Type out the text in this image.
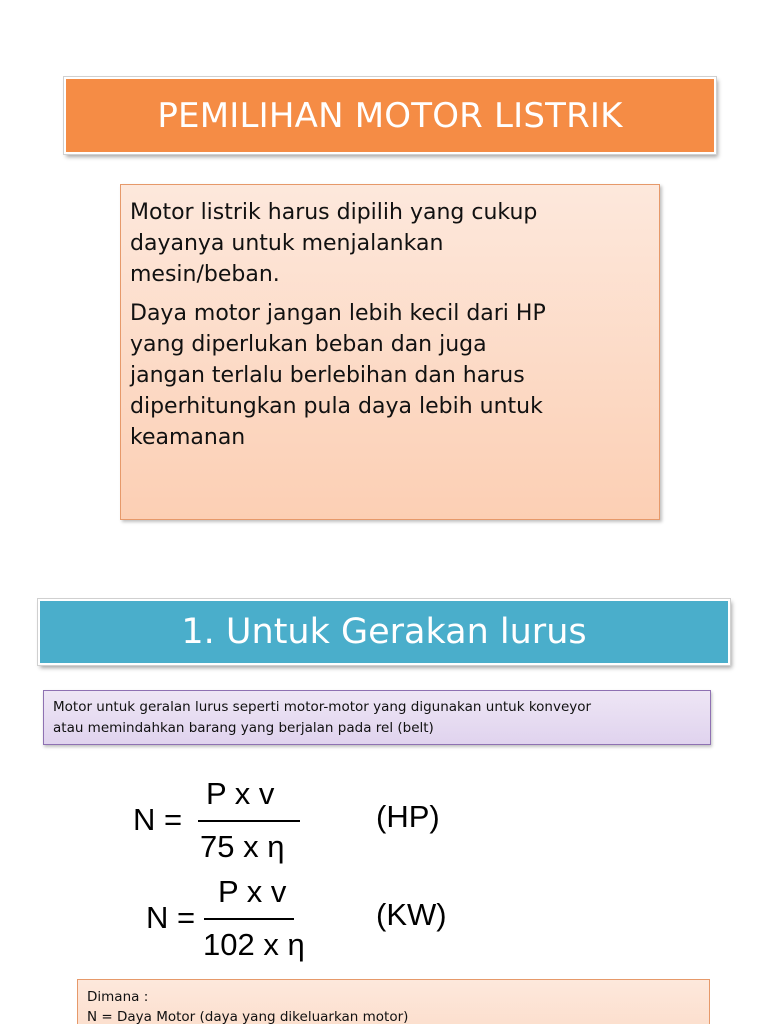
PEMILIHAN MOTOR LISTRIK

Motor listrik harus dipilih yang cukup
dayanya untuk menjalankan
mesin/beban.

Daya motor jangan lebih kecil dari HP
yang diperlukan beban dan juga
jangan terlalu berlebihan dan harus
diperhitungkan pula daya lebih untuk
keamanan

1. Untuk Gerakan lurus
Motor untuk geralan lurus seperti motor-motor yang digunakan untuk konveyor
atau memindahkan barang yang berjalan pada rel (belt)
N =
P x v
75 x η
(HP)
N =
P x v
102 x η
(KW)
Dimana :
N = Daya Motor (daya yang dikeluarkan motor)
